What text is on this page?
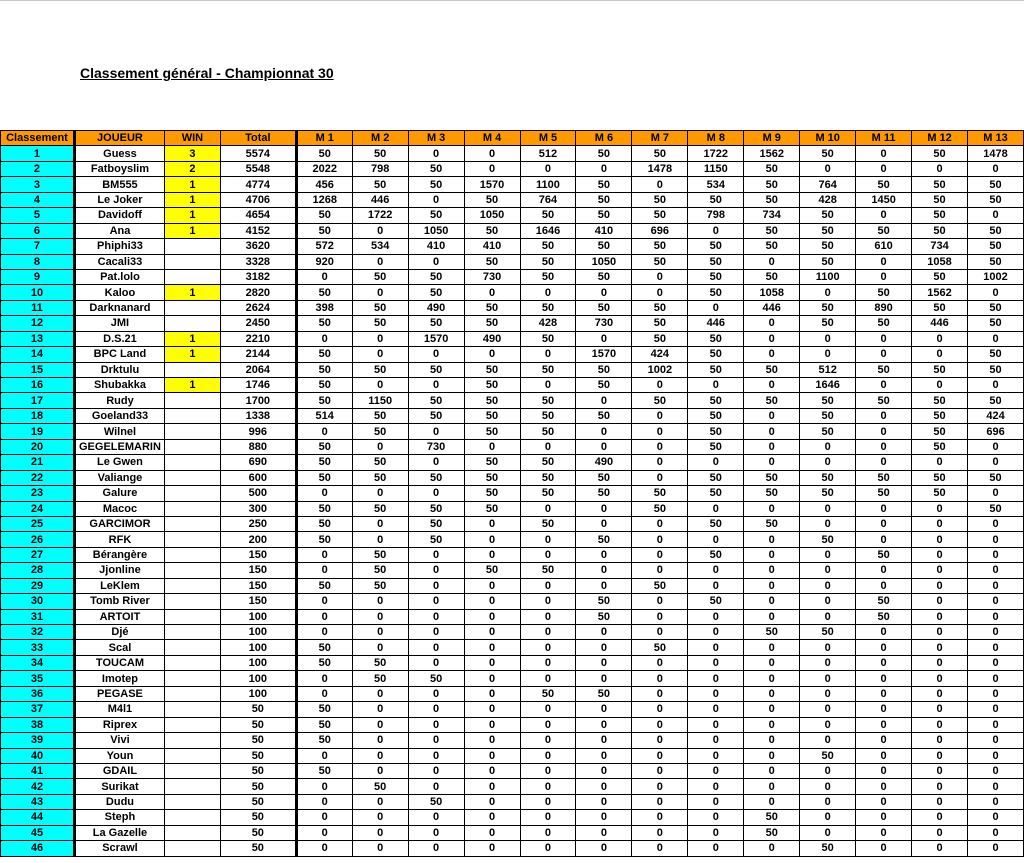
Classement général - Championnat 30
Classement	JOUEUR	WIN	Total	M 1	M 2	M 3	M 4	M 5	M 6	M 7	M 8	M 9	M 10	M 11	M 12	M 13
1	Guess	3	5574	50	50	0	0	512	50	50	1722	1562	50	0	50	1478
2	Fatboyslim	2	5548	2022	798	50	0	0	0	1478	1150	50	0	0	0	0
3	BM555	1	4774	456	50	50	1570	1100	50	0	534	50	764	50	50	50
4	Le Joker	1	4706	1268	446	0	50	764	50	50	50	50	428	1450	50	50
5	Davidoff	1	4654	50	1722	50	1050	50	50	50	798	734	50	0	50	0
6	Ana	1	4152	50	0	1050	50	1646	410	696	0	50	50	50	50	50
7	Phiphi33		3620	572	534	410	410	50	50	50	50	50	50	610	734	50
8	Cacali33		3328	920	0	0	50	50	1050	50	50	0	50	0	1058	50
9	Pat.lolo		3182	0	50	50	730	50	50	0	50	50	1100	0	50	1002
10	Kaloo	1	2820	50	0	50	0	0	0	0	50	1058	0	50	1562	0
11	Darknanard		2624	398	50	490	50	50	50	50	0	446	50	890	50	50
12	JMI		2450	50	50	50	50	428	730	50	446	0	50	50	446	50
13	D.S.21	1	2210	0	0	1570	490	50	0	50	50	0	0	0	0	0
14	BPC Land	1	2144	50	0	0	0	0	1570	424	50	0	0	0	0	50
15	Drktulu		2064	50	50	50	50	50	50	1002	50	50	512	50	50	50
16	Shubakka	1	1746	50	0	0	50	0	50	0	0	0	1646	0	0	0
17	Rudy		1700	50	1150	50	50	50	0	50	50	50	50	50	50	50
18	Goeland33		1338	514	50	50	50	50	50	0	50	0	50	0	50	424
19	Wilnel		996	0	50	0	50	50	0	0	50	0	50	0	50	696
20	GEGELEMARIN		880	50	0	730	0	0	0	0	50	0	0	0	50	0
21	Le Gwen		690	50	50	0	50	50	490	0	0	0	0	0	0	0
22	Valiange		600	50	50	50	50	50	50	0	50	50	50	50	50	50
23	Galure		500	0	0	0	50	50	50	50	50	50	50	50	50	0
24	Macoc		300	50	50	50	50	0	0	50	0	0	0	0	0	50
25	GARCIMOR		250	50	0	50	0	50	0	0	50	50	0	0	0	0
26	RFK		200	50	0	50	0	0	50	0	0	0	50	0	0	0
27	Bérangère		150	0	50	0	0	0	0	0	50	0	0	50	0	0
28	Jjonline		150	0	50	0	50	50	0	0	0	0	0	0	0	0
29	LeKlem		150	50	50	0	0	0	0	50	0	0	0	0	0	0
30	Tomb River		150	0	0	0	0	0	50	0	50	0	0	50	0	0
31	ARTOIT		100	0	0	0	0	0	50	0	0	0	0	50	0	0
32	Djé		100	0	0	0	0	0	0	0	0	50	50	0	0	0
33	Scal		100	50	0	0	0	0	0	50	0	0	0	0	0	0
34	TOUCAM		100	50	50	0	0	0	0	0	0	0	0	0	0	0
35	Imotep		100	0	50	50	0	0	0	0	0	0	0	0	0	0
36	PEGASE		100	0	0	0	0	50	50	0	0	0	0	0	0	0
37	M4l1		50	50	0	0	0	0	0	0	0	0	0	0	0	0
38	Riprex		50	50	0	0	0	0	0	0	0	0	0	0	0	0
39	Vivi		50	50	0	0	0	0	0	0	0	0	0	0	0	0
40	Youn		50	0	0	0	0	0	0	0	0	0	50	0	0	0
41	GDAIL		50	50	0	0	0	0	0	0	0	0	0	0	0	0
42	Surikat		50	0	50	0	0	0	0	0	0	0	0	0	0	0
43	Dudu		50	0	0	50	0	0	0	0	0	0	0	0	0	0
44	Steph		50	0	0	0	0	0	0	0	0	50	0	0	0	0
45	La Gazelle		50	0	0	0	0	0	0	0	0	50	0	0	0	0
46	Scrawl		50	0	0	0	0	0	0	0	0	0	50	0	0	0
